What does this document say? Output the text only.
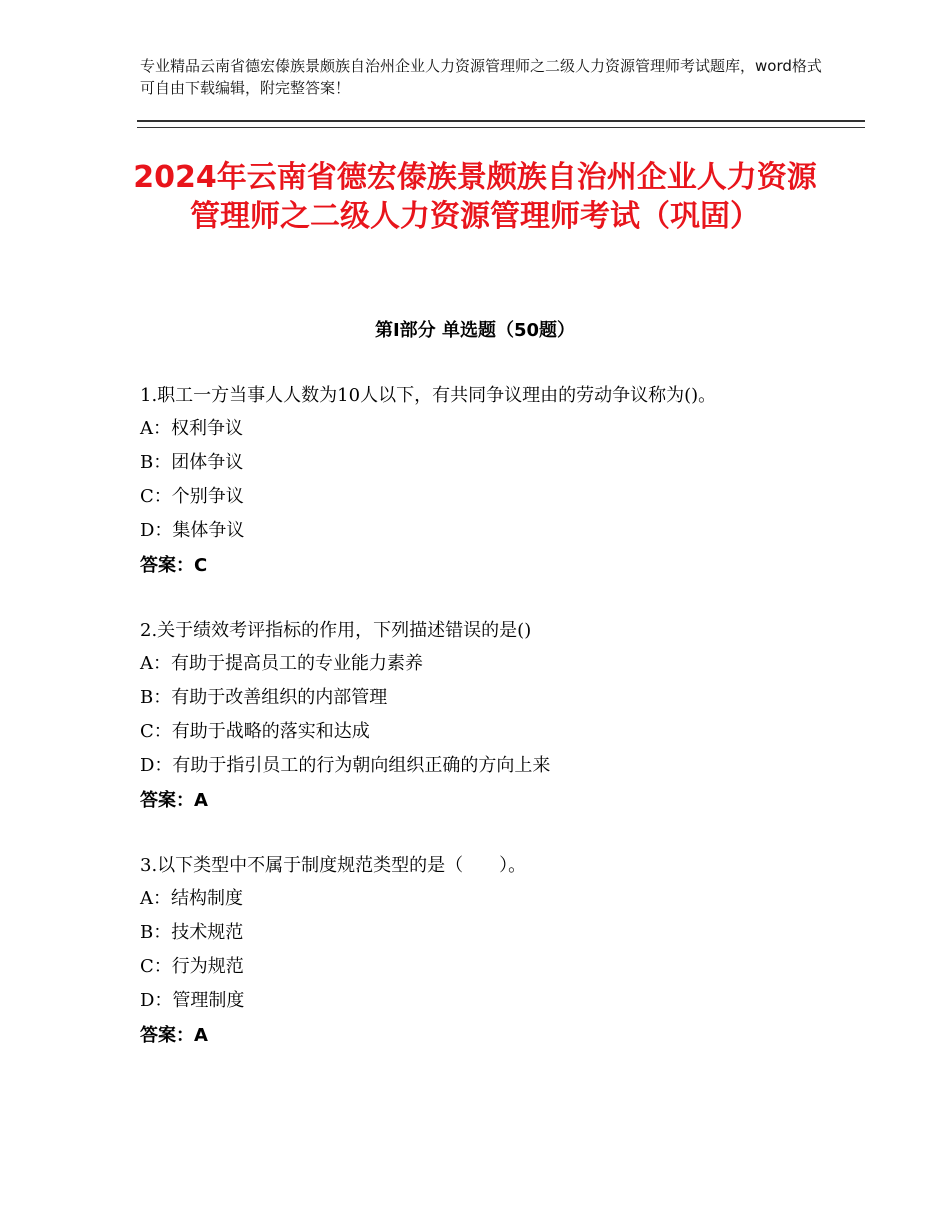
专业精品云南省德宏傣族景颇族自治州企业人力资源管理师之二级人力资源管理师考试题库，word格式可自由下载编辑，附完整答案！
2024年云南省德宏傣族景颇族自治州企业人力资源管理师之二级人力资源管理师考试（巩固）
第Ⅰ部分 单选题（50题）
1.职工一方当事人人数为10人以下，有共同争议理由的劳动争议称为()。
A：权利争议
B：团体争议
C：个别争议
D：集体争议
答案：C
2.关于绩效考评指标的作用，下列描述错误的是()
A：有助于提高员工的专业能力素养
B：有助于改善组织的内部管理
C：有助于战略的落实和达成
D：有助于指引员工的行为朝向组织正确的方向上来
答案：A
3.以下类型中不属于制度规范类型的是（　　）。
A：结构制度
B：技术规范
C：行为规范
D：管理制度
答案：A
